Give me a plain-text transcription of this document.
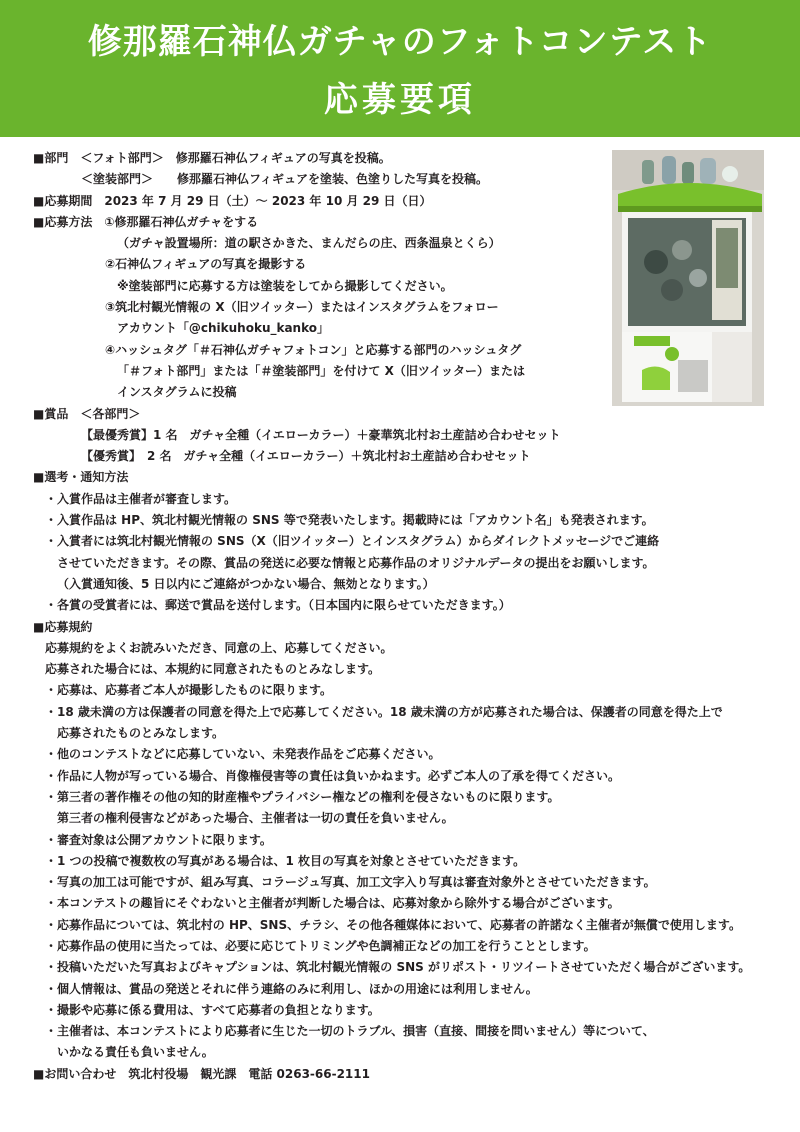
修那羅石神仏ガチャのフォトコンテスト
応募要項
■部門　＜フォト部門＞　修那羅石神仏フィギュアの写真を投稿。
＜塗装部門＞　　修那羅石神仏フィギュアを塗装、色塗りした写真を投稿。
■応募期間　2023 年 7 月 29 日（土）～ 2023 年 10 月 29 日（日）
■応募方法　①修那羅石神仏ガチャをする
（ガチャ設置場所：道の駅さかきた、まんだらの庄、西条温泉とくら）
②石神仏フィギュアの写真を撮影する
※塗装部門に応募する方は塗装をしてから撮影してください。
③筑北村観光情報の X（旧ツイッター）またはインスタグラムをフォロー
アカウント「@chikuhoku_kanko」
④ハッシュタグ「＃石神仏ガチャフォトコン」と応募する部門のハッシュタグ
「＃フォト部門」または「＃塗装部門」を付けて X（旧ツイッター）または
インスタグラムに投稿
■賞品　＜各部門＞
【最優秀賞】1 名　ガチャ全種（イエローカラー）＋豪華筑北村お土産詰め合わせセット
【優秀賞】　2 名　ガチャ全種（イエローカラー）＋筑北村お土産詰め合わせセット
■選考・通知方法
・入賞作品は主催者が審査します。
・入賞作品は HP、筑北村観光情報の SNS 等で発表いたします。掲載時には「アカウント名」も発表されます。
・入賞者には筑北村観光情報の SNS（X（旧ツイッター）とインスタグラム）からダイレクトメッセージでご連絡
させていただきます。その際、賞品の発送に必要な情報と応募作品のオリジナルデータの提出をお願いします。
（入賞通知後、5 日以内にご連絡がつかない場合、無効となります。）
・各賞の受賞者には、郵送で賞品を送付します。（日本国内に限らせていただきます。）
■応募規約
応募規約をよくお読みいただき、同意の上、応募してください。
応募された場合には、本規約に同意されたものとみなします。
・応募は、応募者ご本人が撮影したものに限ります。
・18 歳未満の方は保護者の同意を得た上で応募してください。18 歳未満の方が応募された場合は、保護者の同意を得た上で
応募されたものとみなします。
・他のコンテストなどに応募していない、未発表作品をご応募ください。
・作品に人物が写っている場合、肖像権侵害等の責任は負いかねます。必ずご本人の了承を得てください。
・第三者の著作権その他の知的財産権やプライバシー権などの権利を侵さないものに限ります。
第三者の権利侵害などがあった場合、主催者は一切の責任を負いません。
・審査対象は公開アカウントに限ります。
・1 つの投稿で複数枚の写真がある場合は、1 枚目の写真を対象とさせていただきます。
・写真の加工は可能ですが、組み写真、コラージュ写真、加工文字入り写真は審査対象外とさせていただきます。
・本コンテストの趣旨にそぐわないと主催者が判断した場合は、応募対象から除外する場合がございます。
・応募作品については、筑北村の HP、SNS、チラシ、その他各種媒体において、応募者の許諾なく主催者が無償で使用します。
・応募作品の使用に当たっては、必要に応じてトリミングや色調補正などの加工を行うこととします。
・投稿いただいた写真およびキャプションは、筑北村観光情報の SNS がリポスト・リツイートさせていただく場合がございます。
・個人情報は、賞品の発送とそれに伴う連絡のみに利用し、ほかの用途には利用しません。
・撮影や応募に係る費用は、すべて応募者の負担となります。
・主催者は、本コンテストにより応募者に生じた一切のトラブル、損害（直接、間接を問いません）等について、
いかなる責任も負いません。
■お問い合わせ　筑北村役場　観光課　電話 0263-66-2111
